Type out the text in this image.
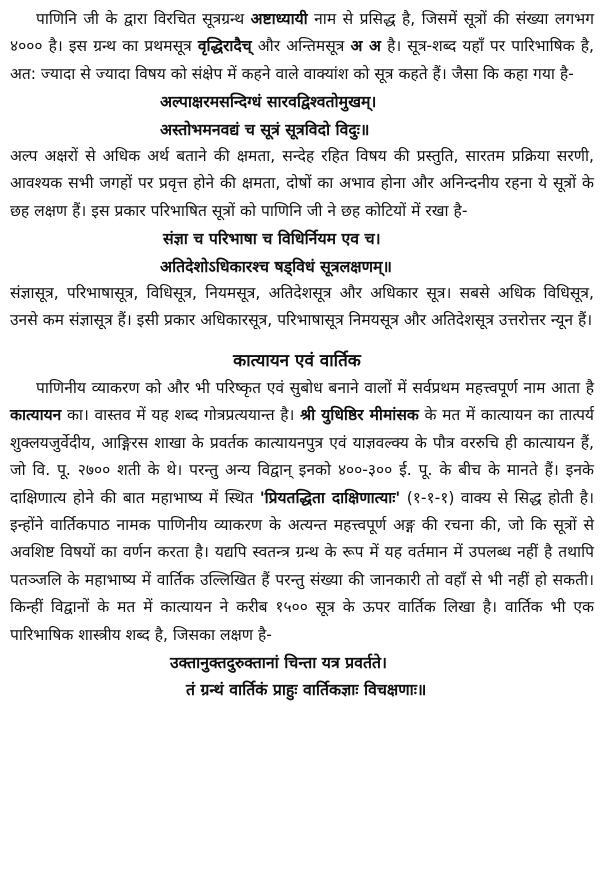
पाणिनि जी के द्वारा विरचित सूत्रग्रन्थ अष्टाध्यायी नाम से प्रसिद्ध है, जिसमें सूत्रों की संख्या लगभग ४००० है। इस ग्रन्थ का प्रथमसूत्र वृद्धिरादैच् और अन्तिमसूत्र अ अ है। सूत्र-शब्द यहाँ पर पारिभाषिक है, अत: ज्यादा से ज्यादा विषय को संक्षेप में कहने वाले वाक्यांश को सूत्र कहते हैं। जैसा कि कहा गया है-

अल्पाक्षरमसन्दिग्धं सारवद्विश्वतोमुखम्।
अस्तोभमनवद्यं च सूत्रं सूत्रविदो विदुः॥

अल्प अक्षरों से अधिक अर्थ बताने की क्षमता, सन्देह रहित विषय की प्रस्तुति, सारतम प्रक्रिया सरणी, आवश्यक सभी जगहों पर प्रवृत्त होने की क्षमता, दोषों का अभाव होना और अनिन्दनीय रहना ये सूत्रों के छह लक्षण हैं। इस प्रकार परिभाषित सूत्रों को पाणिनि जी ने छह कोटियों में रखा है-

संज्ञा च परिभाषा च विधिर्नियम एव च।
अतिदेशोऽधिकारश्च षड्विधं सूत्रलक्षणम्॥

संज्ञासूत्र, परिभाषासूत्र, विधिसूत्र, नियमसूत्र, अतिदेशसूत्र और अधिकार सूत्र। सबसे अधिक विधिसूत्र, उनसे कम संज्ञासूत्र हैं। इसी प्रकार अधिकारसूत्र, परिभाषासूत्र निमयसूत्र और अतिदेशसूत्र उत्तरोत्तर न्यून हैं।

कात्यायन एवं वार्तिक

पाणिनीय व्याकरण को और भी परिष्कृत एवं सुबोध बनाने वालों में सर्वप्रथम महत्त्वपूर्ण नाम आता है कात्यायन का। वास्तव में यह शब्द गोत्रप्रत्ययान्त है। श्री युधिष्ठिर मीमांसक के मत में कात्यायन का तात्पर्य शुक्लयजुर्वेदीय, आङ्गिरस शाखा के प्रवर्तक कात्यायनपुत्र एवं याज्ञवल्क्य के पौत्र वररुचि ही कात्यायन हैं, जो वि. पू. २७०० शती के थे। परन्तु अन्य विद्वान् इनको ४००-३०० ई. पू. के बीच के मानते हैं। इनके दाक्षिणात्य होने की बात महाभाष्य में स्थित 'प्रियतद्धिता दाक्षिणात्याः' (१-१-१) वाक्य से सिद्ध होती है। इन्होंने वार्तिकपाठ नामक पाणिनीय व्याकरण के अत्यन्त महत्त्वपूर्ण अङ्ग की रचना की, जो कि सूत्रों से अवशिष्ट विषयों का वर्णन करता है। यद्यपि स्वतन्त्र ग्रन्थ के रूप में यह वर्तमान में उपलब्ध नहीं है तथापि पतञ्जलि के महाभाष्य में वार्तिक उल्लिखित हैं परन्तु संख्या की जानकारी तो वहाँ से भी नहीं हो सकती। किन्हीं विद्वानों के मत में कात्यायन ने करीब १५०० सूत्र के ऊपर वार्तिक लिखा है। वार्तिक भी एक पारिभाषिक शास्त्रीय शब्द है, जिसका लक्षण है-

उक्तानुक्तदुरुक्तानां चिन्ता यत्र प्रवर्तते।
तं ग्रन्थं वार्तिकं प्राहुः वार्तिकज्ञाः विचक्षणाः॥
